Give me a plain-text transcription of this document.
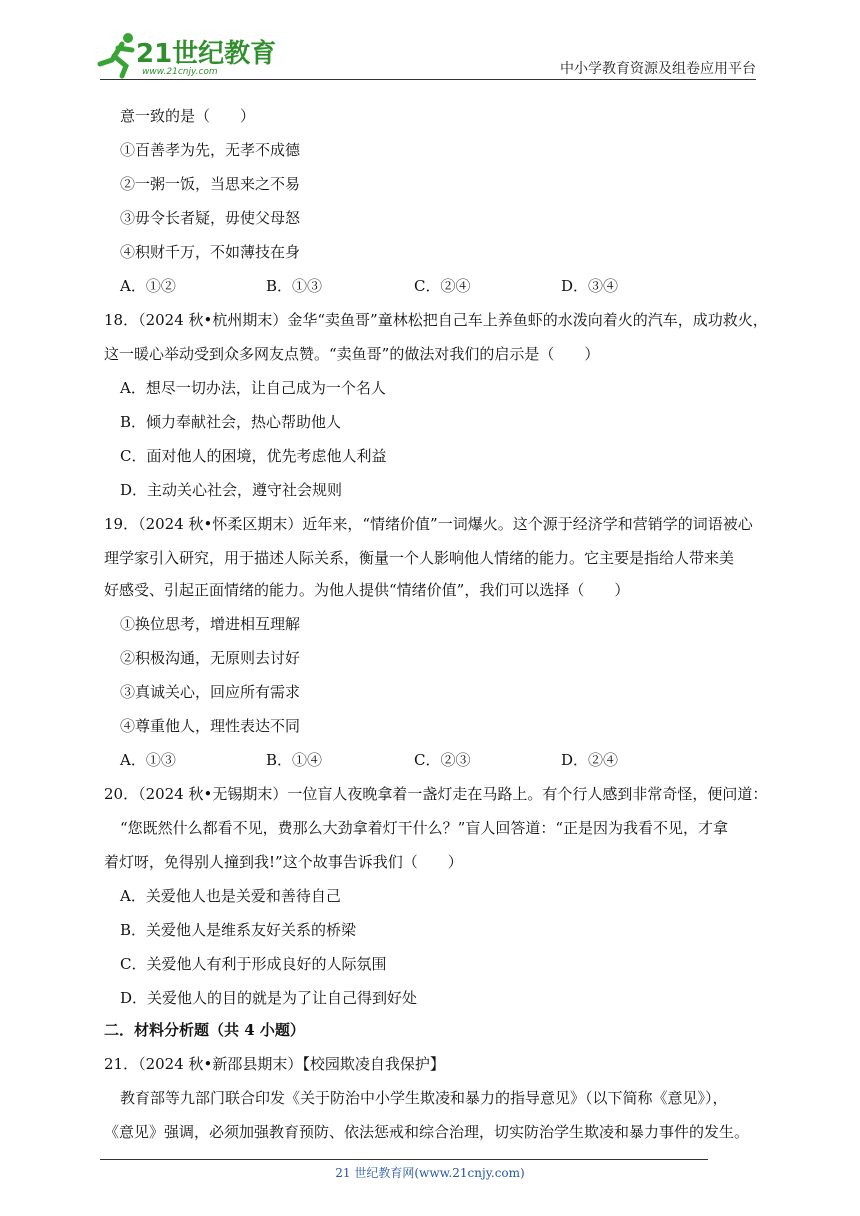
21世纪教育
www.21cnjy.com	中小学教育资源及组卷应用平台
意一致的是（　　）
①百善孝为先，无孝不成德
②一粥一饭，当思来之不易
③毋令长者疑，毋使父母怒
④积财千万，不如薄技在身
A．①②	B．①③	C．②④	D．③④
18．（2024 秋•杭州期末）金华“卖鱼哥”童林松把自己车上养鱼虾的水泼向着火的汽车，成功救火，
这一暖心举动受到众多网友点赞。“卖鱼哥”的做法对我们的启示是（　　）
A．想尽一切办法，让自己成为一个名人
B．倾力奉献社会，热心帮助他人
C．面对他人的困境，优先考虑他人利益
D．主动关心社会，遵守社会规则
19．（2024 秋•怀柔区期末）近年来，“情绪价值”一词爆火。这个源于经济学和营销学的词语被心
理学家引入研究，用于描述人际关系，衡量一个人影响他人情绪的能力。它主要是指给人带来美
好感受、引起正面情绪的能力。为他人提供“情绪价值”，我们可以选择（　　）
①换位思考，增进相互理解
②积极沟通，无原则去讨好
③真诚关心，回应所有需求
④尊重他人，理性表达不同
A．①③	B．①④	C．②③	D．②④
20．（2024 秋•无锡期末）一位盲人夜晚拿着一盏灯走在马路上。有个行人感到非常奇怪，便问道：
“您既然什么都看不见，费那么大劲拿着灯干什么？”盲人回答道：“正是因为我看不见，才拿
着灯呀，免得别人撞到我!”这个故事告诉我们（　　）
A．关爱他人也是关爱和善待自己
B．关爱他人是维系友好关系的桥梁
C．关爱他人有利于形成良好的人际氛围
D．关爱他人的目的就是为了让自己得到好处
二．材料分析题（共 4 小题）
21．（2024 秋•新邵县期末）【校园欺凌自我保护】
教育部等九部门联合印发《关于防治中小学生欺凌和暴力的指导意见》（以下简称《意见》），
《意见》强调，必须加强教育预防、依法惩戒和综合治理，切实防治学生欺凌和暴力事件的发生。
21 世纪教育网(www.21cnjy.com)
